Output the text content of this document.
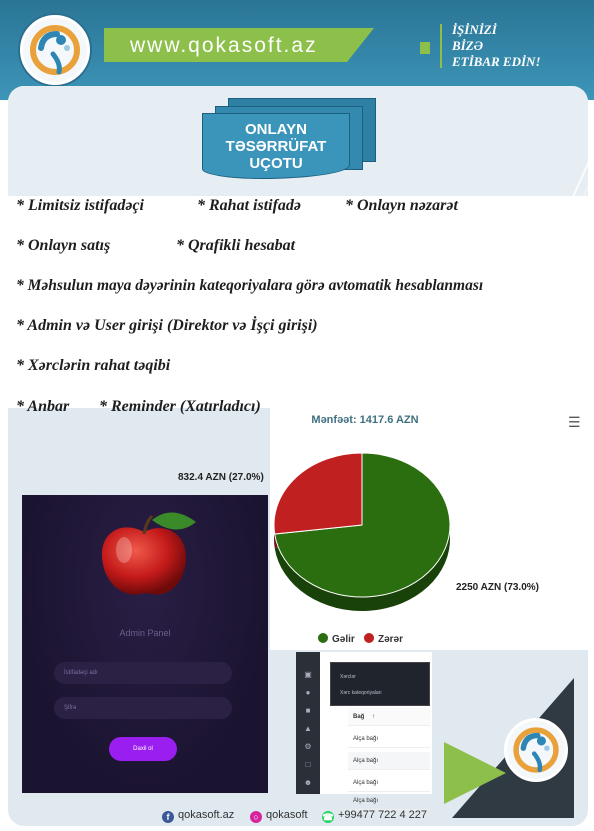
www.qokasoft.az
İŞİNİZİ
BİZƏ
ETİBAR EDİN!
ONLAYN
TƏSƏRRÜFAT
UÇOTU
* Limitsiz istifadəçi	* Rahat istifadə	* Onlayn nəzarət
* Onlayn satış	* Qrafikli hesabat
* Məhsulun maya dəyərinin kateqoriyalara görə avtomatik hesablanması
* Admin və User girişi (Direktor və İşçi girişi)
* Xərclərin rahat təqibi
* Anbar * Reminder (Xatırladıcı)
Mənfəət: 1417.6 AZN	☰
832.4 AZN (27.0%)
2250 AZN (73.0%)
Gəlir	Zərər
Admin Panel
İstifadəçi adı
Şifrə
Daxil ol
▣
●
■
▲
⚙
□
☻
Xərclər
Xərc kateqoriyaları
Bağ ↑
Alça bağı
Alça bağı
Alça bağı
Alça bağı
f qokasoft.az	○ qokasoft ☎ +99477 722 4 227
